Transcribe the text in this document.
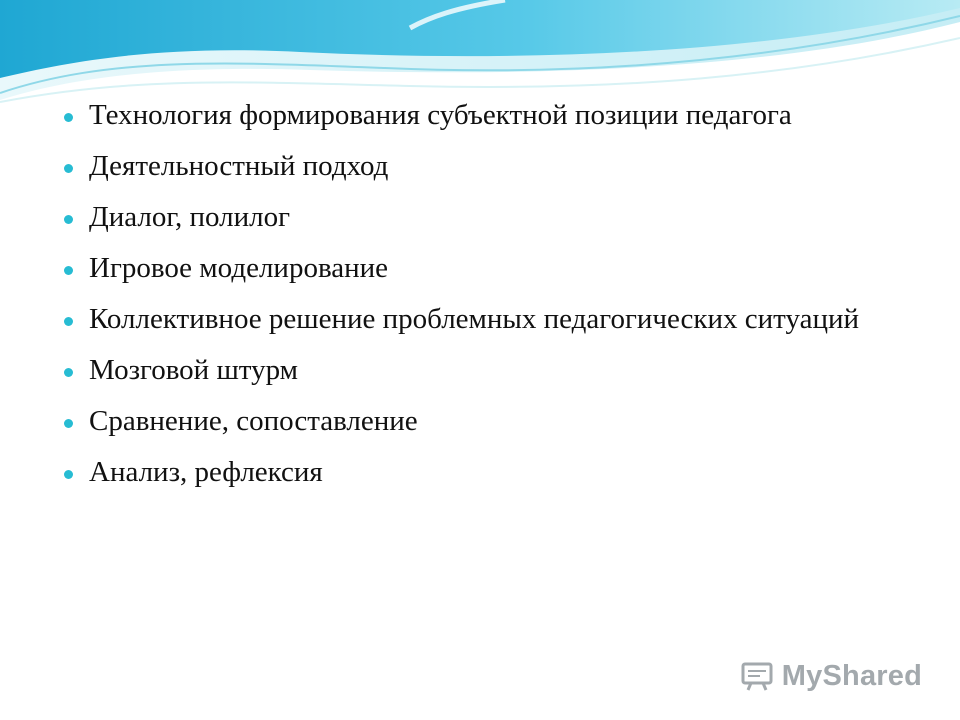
Технология формирования субъектной позиции педагога
Деятельностный подход
Диалог, полилог
Игровое моделирование
Коллективное решение проблемных педагогических ситуаций
Мозговой штурм
Сравнение, сопоставление
Анализ, рефлексия
MyShared
